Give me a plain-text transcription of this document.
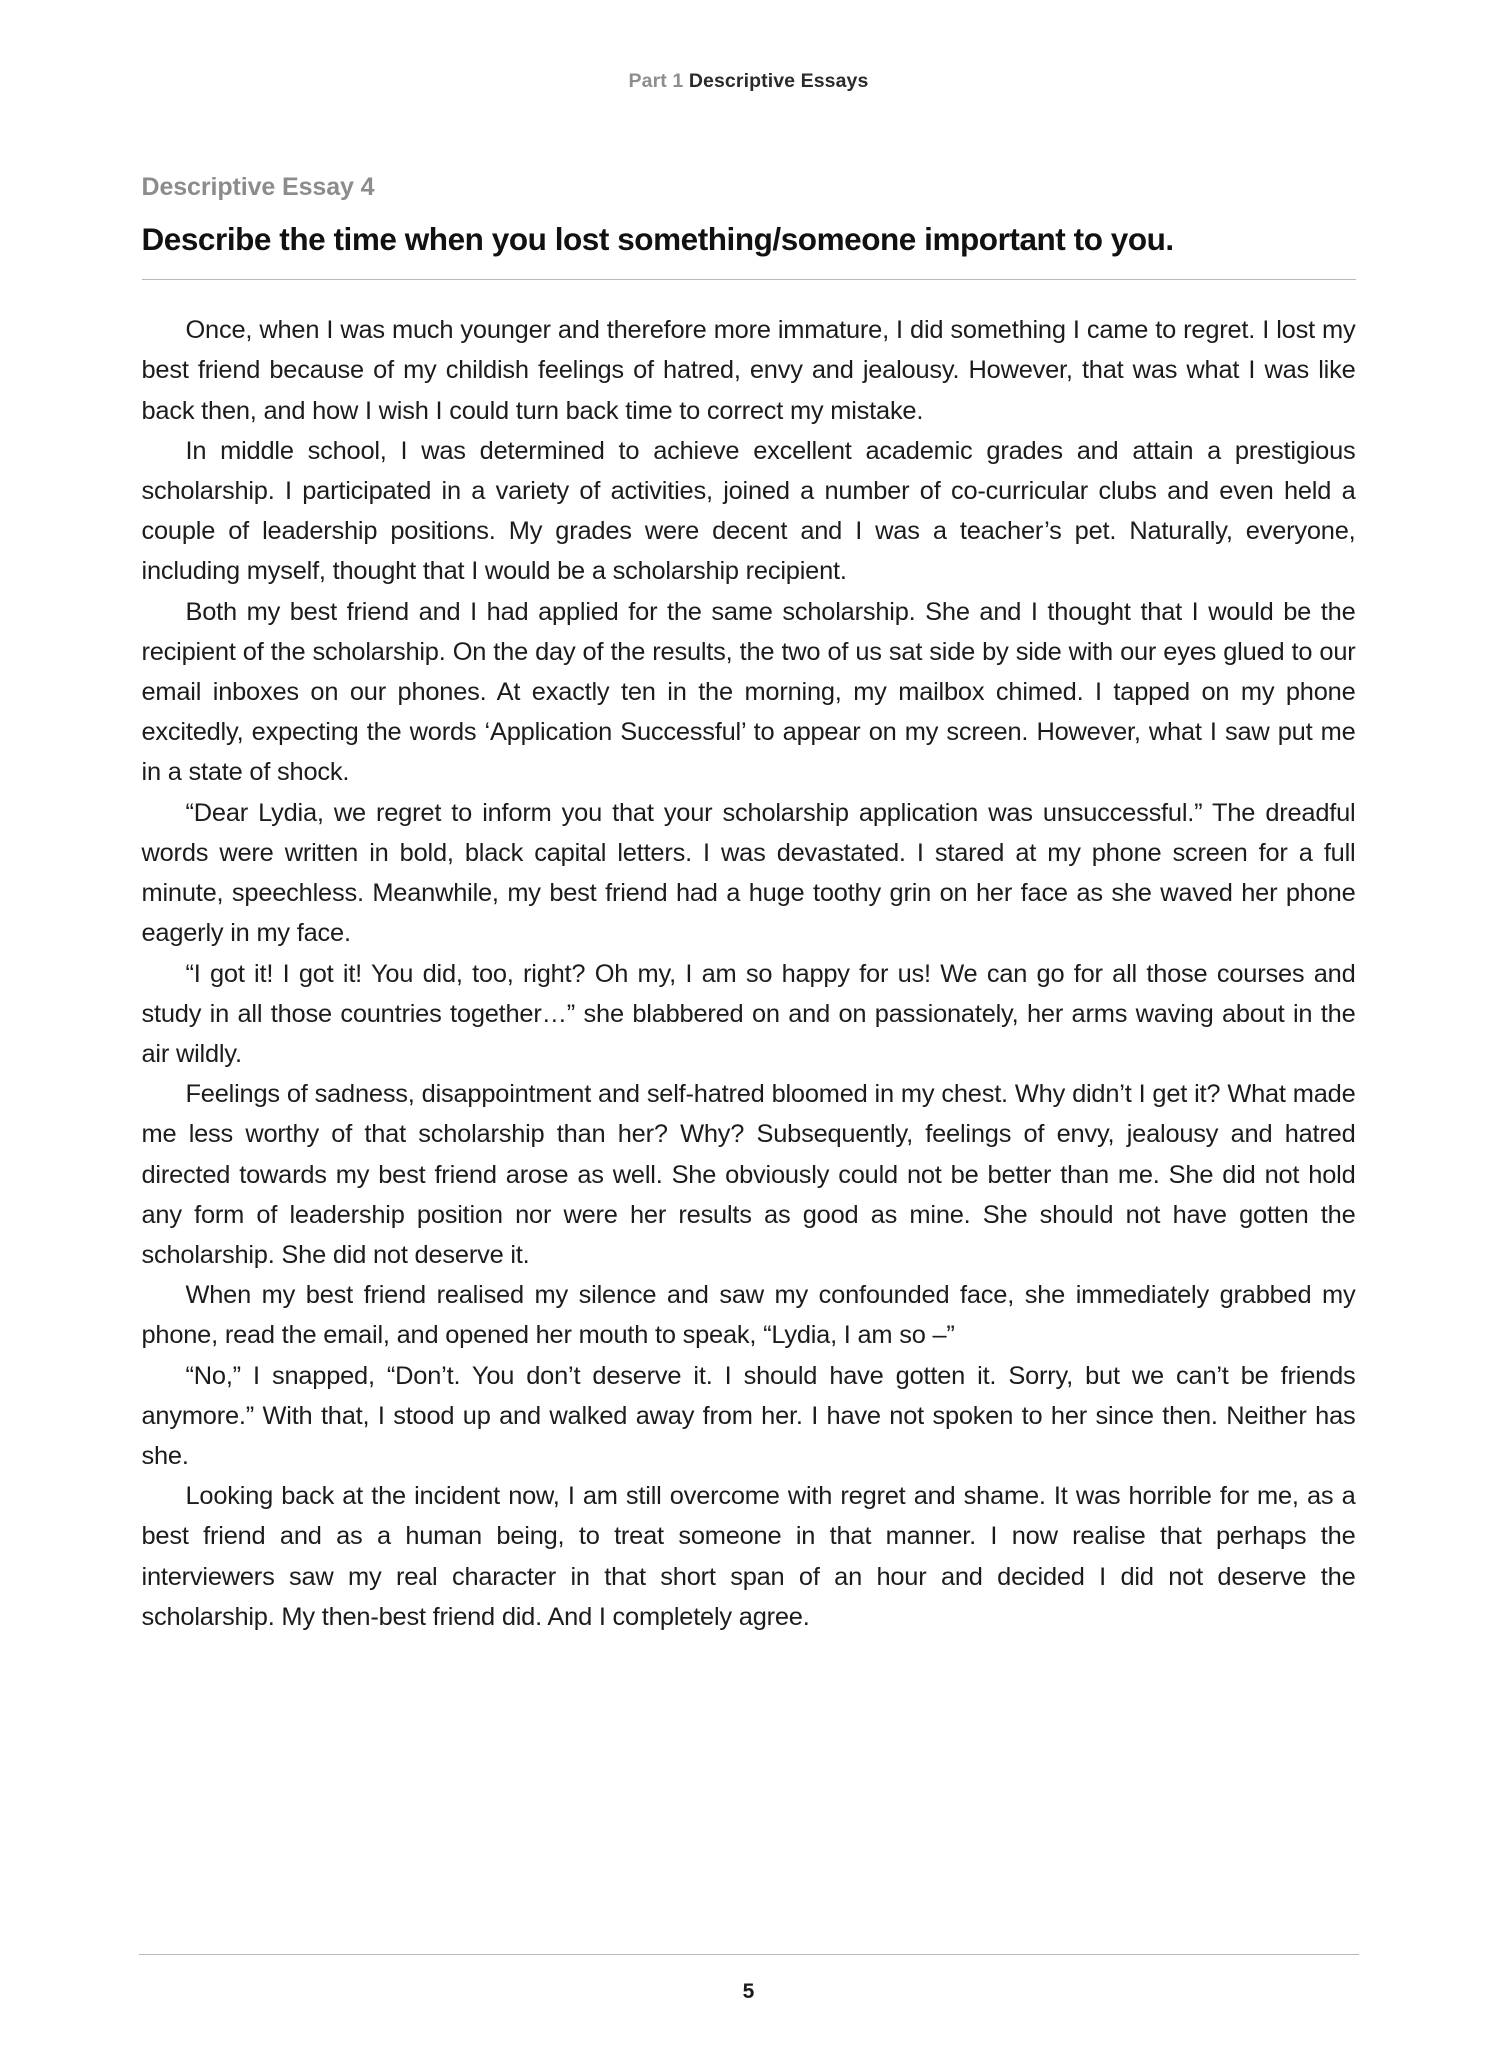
Part 1 Descriptive Essays
Descriptive Essay 4
Describe the time when you lost something/someone important to you.

Once, when I was much younger and therefore more immature, I did something I came to regret. I lost my best friend because of my childish feelings of hatred, envy and jealousy. However, that was what I was like back then, and how I wish I could turn back time to correct my mistake.

In middle school, I was determined to achieve excellent academic grades and attain a prestigious scholarship. I participated in a variety of activities, joined a number of co-curricular clubs and even held a couple of leadership positions. My grades were decent and I was a teacher’s pet. Naturally, everyone, including myself, thought that I would be a scholarship recipient.

Both my best friend and I had applied for the same scholarship. She and I thought that I would be the recipient of the scholarship. On the day of the results, the two of us sat side by side with our eyes glued to our email inboxes on our phones. At exactly ten in the morning, my mailbox chimed. I tapped on my phone excitedly, expecting the words ‘Application Successful’ to appear on my screen. However, what I saw put me in a state of shock.

“Dear Lydia, we regret to inform you that your scholarship application was unsuccessful.” The dreadful words were written in bold, black capital letters. I was devastated. I stared at my phone screen for a full minute, speechless. Meanwhile, my best friend had a huge toothy grin on her face as she waved her phone eagerly in my face.

“I got it! I got it! You did, too, right? Oh my, I am so happy for us! We can go for all those courses and study in all those countries together…” she blabbered on and on passionately, her arms waving about in the air wildly.

Feelings of sadness, disappointment and self-hatred bloomed in my chest. Why didn’t I get it? What made me less worthy of that scholarship than her? Why? Subsequently, feelings of envy, jealousy and hatred directed towards my best friend arose as well. She obviously could not be better than me. She did not hold any form of leadership position nor were her results as good as mine. She should not have gotten the scholarship. She did not deserve it.

When my best friend realised my silence and saw my confounded face, she immediately grabbed my phone, read the email, and opened her mouth to speak, “Lydia, I am so –”

“No,” I snapped, “Don’t. You don’t deserve it. I should have gotten it. Sorry, but we can’t be friends anymore.” With that, I stood up and walked away from her. I have not spoken to her since then. Neither has she.

Looking back at the incident now, I am still overcome with regret and shame. It was horrible for me, as a best friend and as a human being, to treat someone in that manner. I now realise that perhaps the interviewers saw my real character in that short span of an hour and decided I did not deserve the scholarship. My then-best friend did. And I completely agree.

5
